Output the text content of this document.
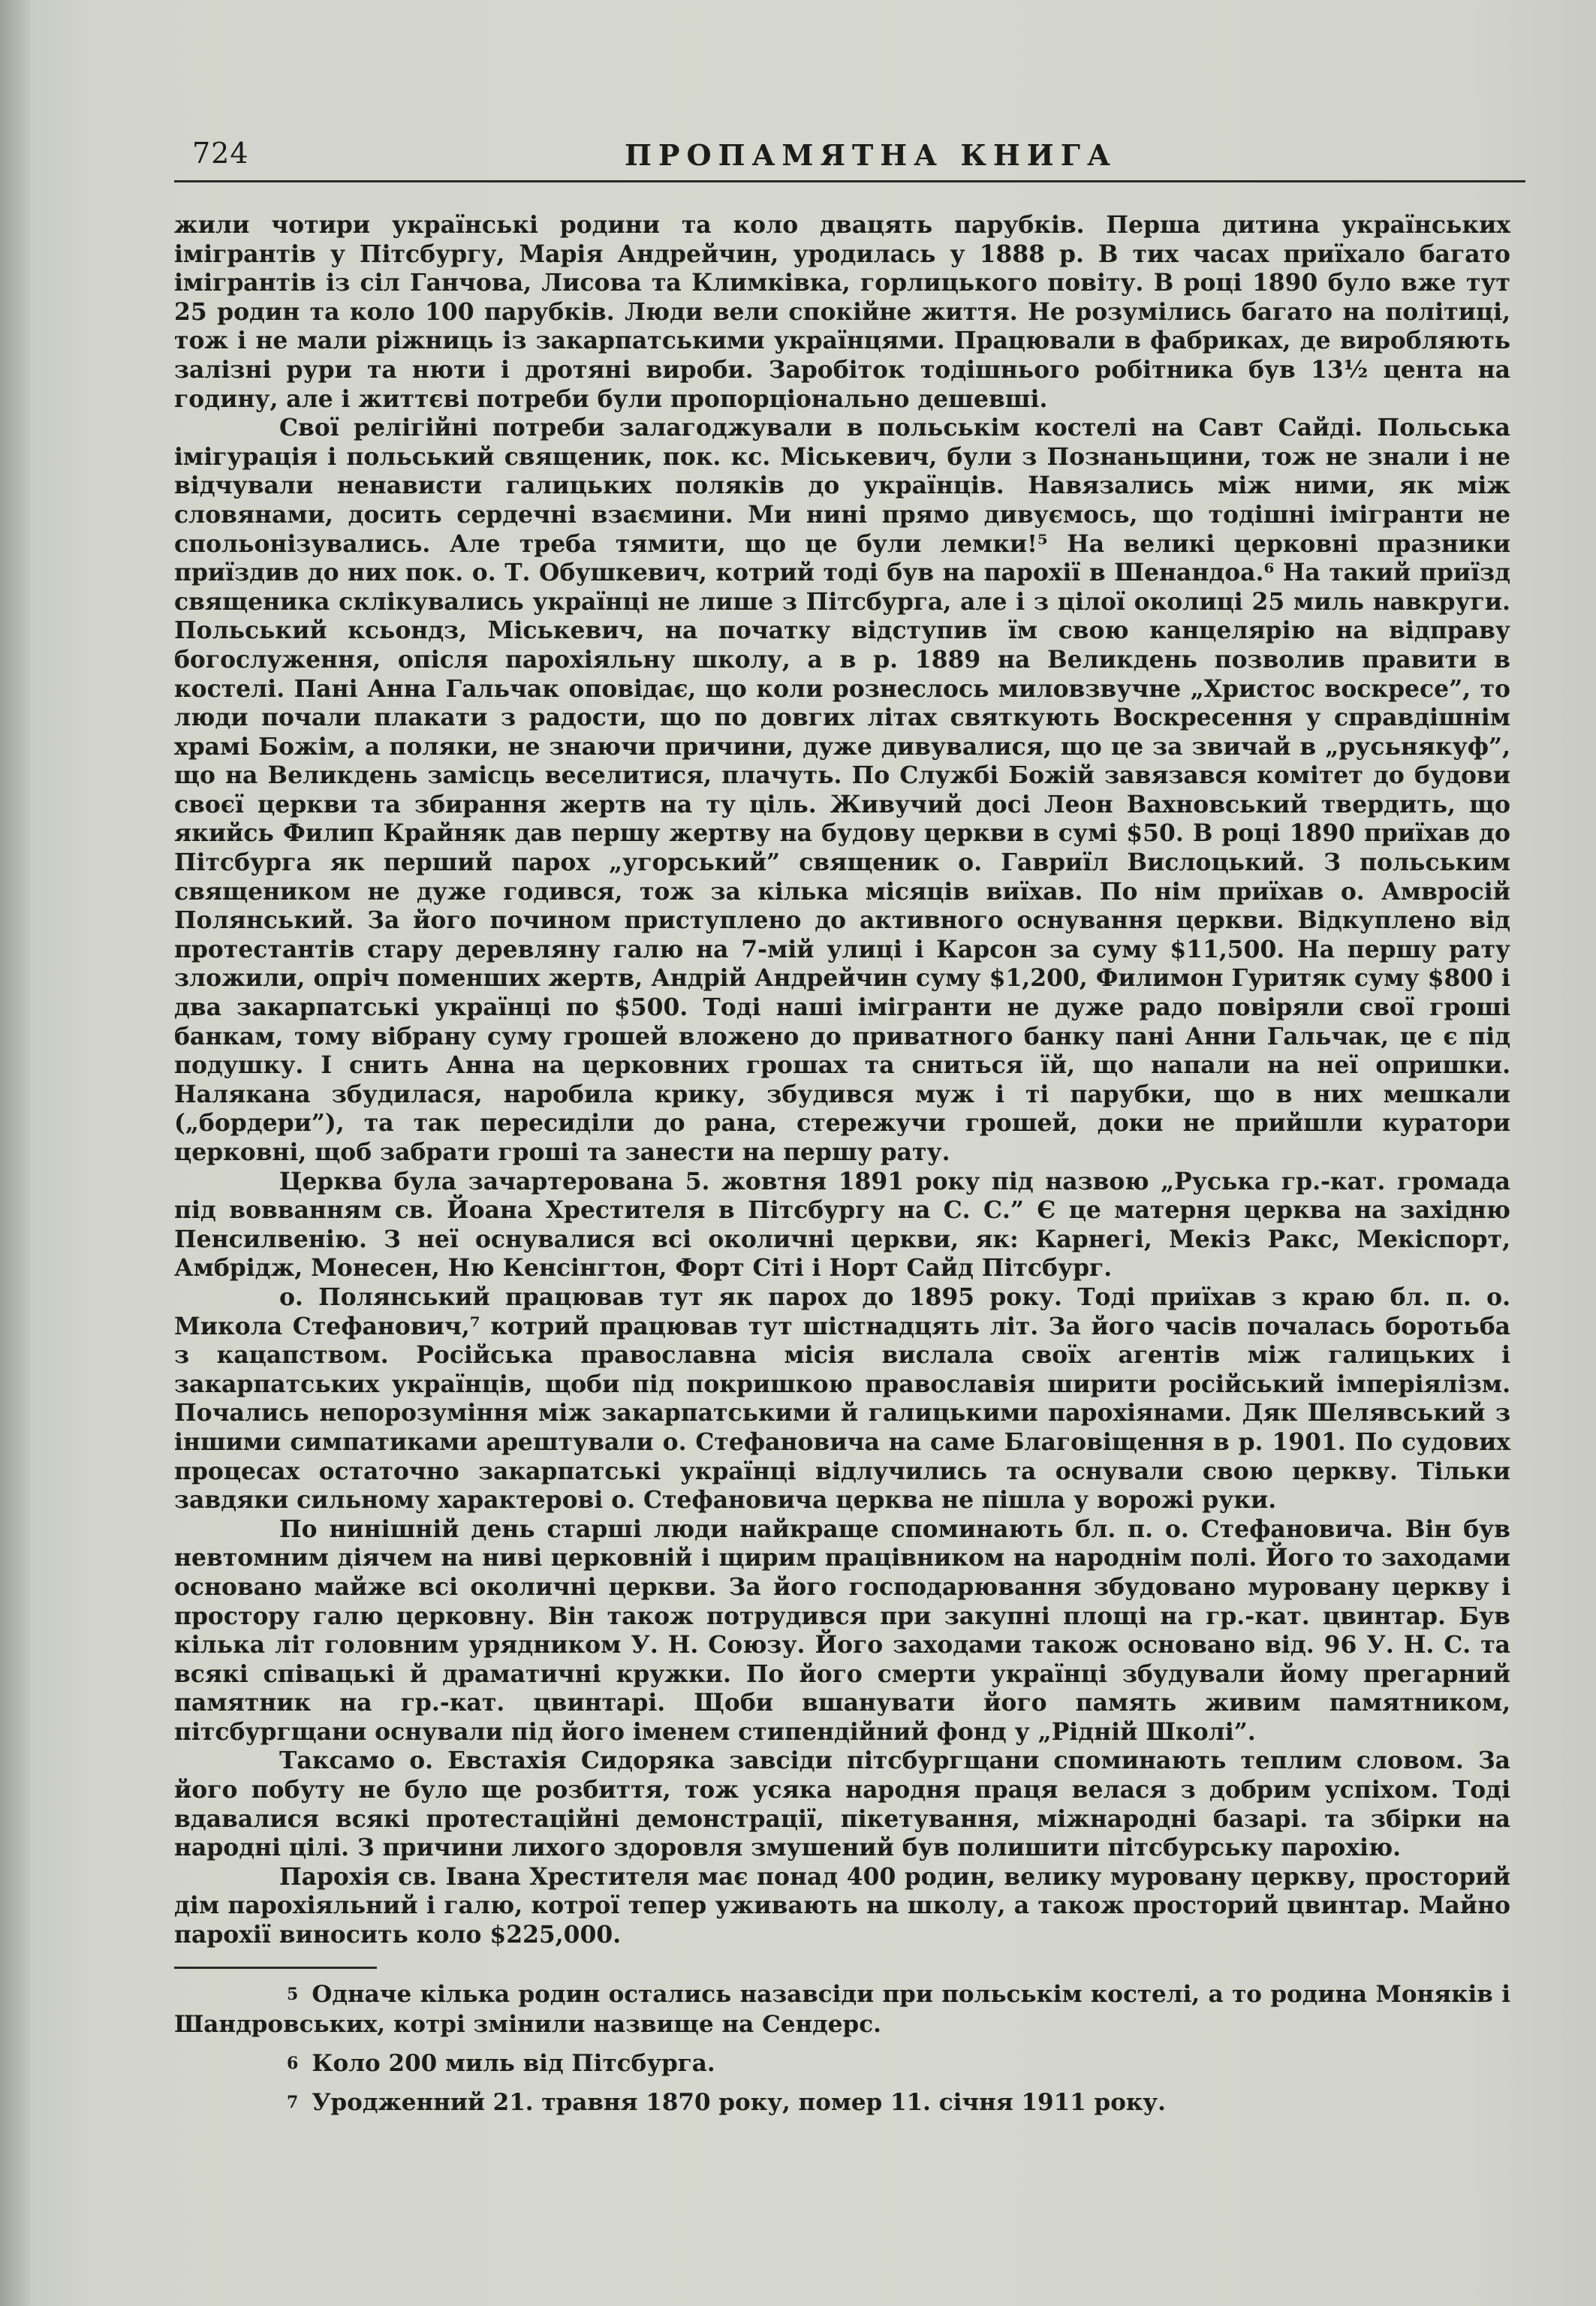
724	ПРОПАМЯТНА КНИГА

жили чотири українські родини та коло двацять парубків. Перша дитина українських імігрантів у Пітсбургу, Марія Андрейчин, уродилась у 1888 р. В тих часах приїхало багато імігрантів із сіл Ганчова, Лисова та Климківка, горлицького повіту. В році 1890 було вже тут 25 родин та коло 100 парубків. Люди вели спокійне життя. Не розумілись багато на політиці, тож і не мали ріжниць із закарпатськими українцями. Працювали в фабриках, де виробляють залізні рури та нюти і дротяні вироби. Заробіток тодішнього робітника був 13½ цента на годину, але і життєві потреби були пропорціонально дешевші.

Свої релігійні потреби залагоджували в польськім костелі на Савт Сайді. Польська імігурація і польський священик, пок. кс. Міськевич, були з Познаньщини, тож не знали і не відчували ненависти галицьких поляків до українців. Навязались між ними, як між словянами, досить сердечні взаємини. Ми нині прямо дивуємось, що тодішні імігранти не спольонізувались. Але треба тямити, що це були лемки!⁵ На великі церковні празники приїздив до них пок. о. Т. Обушкевич, котрий тоді був на парохії в Шенандоа.⁶ На такий приїзд священика склікувались українці не лише з Пітсбурга, але і з цілої околиці 25 миль навкруги. Польський ксьондз, Міськевич, на початку відступив їм свою канцелярію на відправу богослуження, опісля парохіяльну школу, а в р. 1889 на Великдень позволив правити в костелі. Пані Анна Гальчак оповідає, що коли рознеслось миловзвучне „Христос воскресе”, то люди почали плакати з радости, що по довгих літах святкують Воскресення у справдішнім храмі Божім, а поляки, не знаючи причини, дуже дивувалися, що це за звичай в „русьнякуф”, що на Великдень замісць веселитися, плачуть. По Службі Божій завязався комітет до будови своєї церкви та збирання жертв на ту ціль. Живучий досі Леон Вахновський твердить, що якийсь Филип Крайняк дав першу жертву на будову церкви в сумі $50. В році 1890 приїхав до Пітсбурга як перший парох „угорський” священик о. Гавриїл Вислоцький. З польським священиком не дуже годився, тож за кілька місяців виїхав. По нім приїхав о. Амвросій Полянський. За його почином приступлено до активного оснування церкви. Відкуплено від протестантів стару деревляну галю на 7-мій улиці і Карсон за суму $11,500. На першу рату зложили, опріч поменших жертв, Андрій Андрейчин суму $1,200, Филимон Гуритяк суму $800 і два закарпатські українці по $500. Тоді наші імігранти не дуже радо повіряли свої гроші банкам, тому вібрану суму грошей вложено до приватного банку пані Анни Гальчак, це є під подушку. І снить Анна на церковних грошах та сниться їй, що напали на неї опришки. Налякана збудилася, наробила крику, збудився муж і ті парубки, що в них мешкали („бордери”), та так пересиділи до рана, стережучи грошей, доки не прийшли куратори церковні, щоб забрати гроші та занести на першу рату.

Церква була зачартерована 5. жовтня 1891 року під назвою „Руська гр.-кат. громада під вовванням св. Йоана Хрестителя в Пітсбургу на С. С.” Є це матерня церква на західню Пенсилвенію. З неї оснувалися всі околичні церкви, як: Карнегі, Мекіз Ракс, Мекіспорт, Амбрідж, Монесен, Ню Кенсінгтон, Форт Сіті і Норт Сайд Пітсбург.

о. Полянський працював тут як парох до 1895 року. Тоді приїхав з краю бл. п. о. Микола Стефанович,⁷ котрий працював тут шістнадцять літ. За його часів почалась боротьба з кацапством. Російська православна місія вислала своїх агентів між галицьких і закарпатських українців, щоби під покришкою православія ширити російський імперіялізм. Почались непорозуміння між закарпатськими й галицькими парохіянами. Дяк Шелявський з іншими симпатиками арештували о. Стефановича на саме Благовіщення в р. 1901. По судових процесах остаточно закарпатські українці відлучились та оснували свою церкву. Тільки завдяки сильному характерові о. Стефановича церква не пішла у ворожі руки.

По нинішній день старші люди найкраще споминають бл. п. о. Стефановича. Він був невтомним діячем на ниві церковній і щирим працівником на народнім полі. Його то заходами основано майже всі околичні церкви. За його господарювання збудовано муровану церкву і простору галю церковну. Він також потрудився при закупні площі на гр.-кат. цвинтар. Був кілька літ головним урядником У. Н. Союзу. Його заходами також основано від. 96 У. Н. С. та всякі співацькі й драматичні кружки. По його смерти українці збудували йому прегарний памятник на гр.-кат. цвинтарі. Щоби вшанувати його память живим памятником, пітсбургщани оснували під його іменем стипендійний фонд у „Рідній Школі”.

Таксамо о. Евстахія Сидоряка завсіди пітсбургщани споминають теплим словом. За його побуту не було ще розбиття, тож усяка народня праця велася з добрим успіхом. Тоді вдавалися всякі протестаційні демонстрації, пікетування, міжнародні базарі. та збірки на народні цілі. З причини лихого здоровля змушений був полишити пітсбурську парохію.

Парохія св. Івана Хрестителя має понад 400 родин, велику муровану церкву, просторий дім парохіяльний і галю, котрої тепер уживають на школу, а також просторий цвинтар. Майно парохії виносить коло $225,000.

$^5$ Одначе кілька родин остались назавсіди при польськім костелі, а то родина Моняків і Шандровських, котрі змінили назвище на Сендерс.

$^6$ Коло 200 миль від Пітсбурга.

$^7$ Уродженний 21. травня 1870 року, помер 11. січня 1911 року.
